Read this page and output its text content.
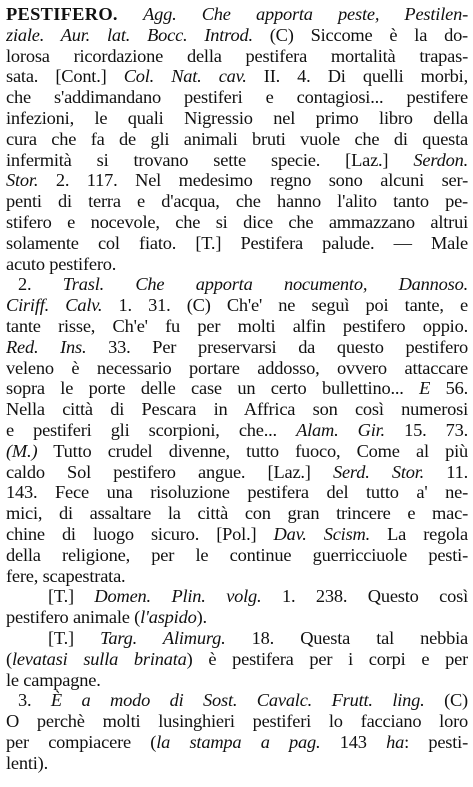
PESTIFERO. Agg. Che apporta peste, Pestilen-
ziale. Aur. lat. Bocc. Introd. (C) Siccome è la do-
lorosa ricordazione della pestifera mortalità trapas-
sata. [Cont.] Col. Nat. cav. II. 4. Di quelli morbi,
che s'addimandano pestiferi e contagiosi... pestifere
infezioni, le quali Nigressio nel primo libro della
cura che fa de gli animali bruti vuole che di questa
infermità si trovano sette specie. [Laz.] Serdon.
Stor. 2. 117. Nel medesimo regno sono alcuni ser-
penti di terra e d'acqua, che hanno l'alito tanto pe-
stifero e nocevole, che si dice che ammazzano altrui
solamente col fiato. [T.] Pestifera palude. — Male
acuto pestifero.
2. Trasl. Che apporta nocumento, Dannoso.
Ciriff. Calv. 1. 31. (C) Ch'e' ne seguì poi tante, e
tante risse, Ch'e' fu per molti alfin pestifero oppio.
Red. Ins. 33. Per preservarsi da questo pestifero
veleno è necessario portare addosso, ovvero attaccare
sopra le porte delle case un certo bullettino... E 56.
Nella città di Pescara in Affrica son così numerosi
e pestiferi gli scorpioni, che... Alam. Gir. 15. 73.
(M.) Tutto crudel divenne, tutto fuoco, Come al più
caldo Sol pestifero angue. [Laz.] Serd. Stor. 11.
143. Fece una risoluzione pestifera del tutto a' ne-
mici, di assaltare la città con gran trincere e mac-
chine di luogo sicuro. [Pol.] Dav. Scism. La regola
della religione, per le continue guerricciuole pesti-
fere, scapestrata.
[T.] Domen. Plin. volg. 1. 238. Questo così
pestifero animale (l'aspido).
[T.] Targ. Alimurg. 18. Questa tal nebbia
(levatasi sulla brinata) è pestifera per i corpi e per
le campagne.
3. È a modo di Sost. Cavalc. Frutt. ling. (C)
O perchè molti lusinghieri pestiferi lo facciano loro
per compiacere (la stampa a pag. 143 ha: pesti-
lenti).
